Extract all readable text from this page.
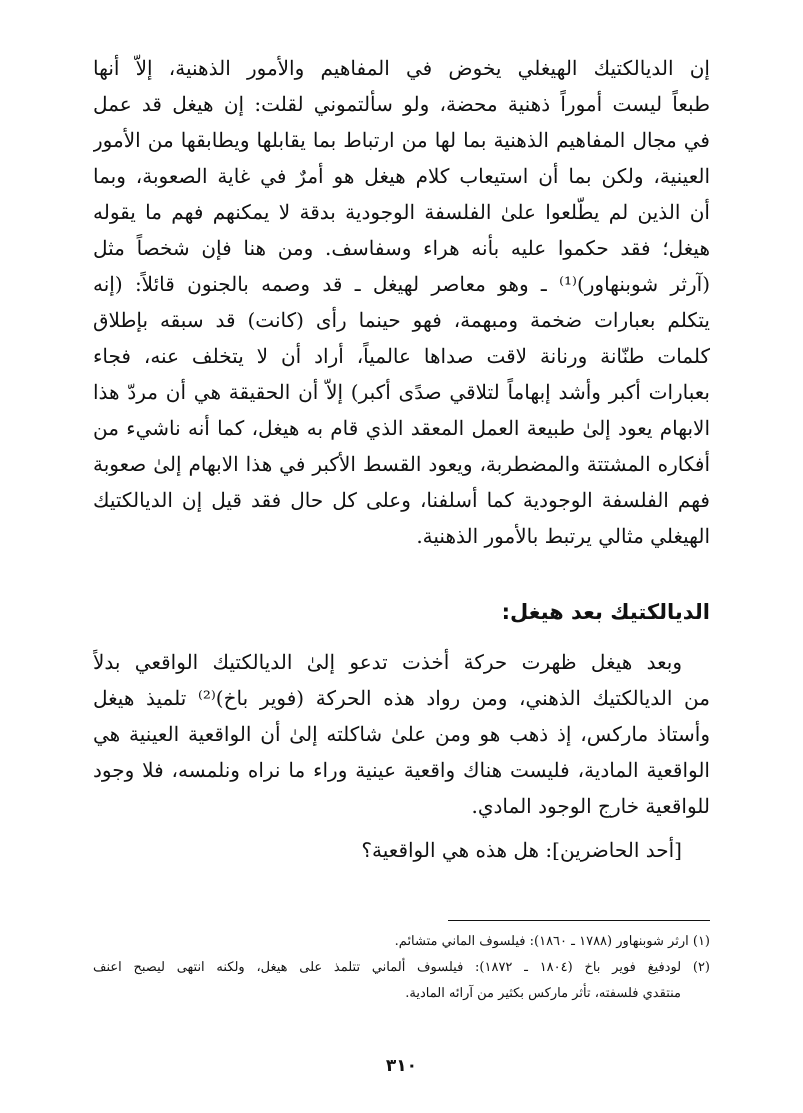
إن الديالكتيك الهيغلي يخوض في المفاهيم والأمور الذهنية، إلاّ أنها
طبعاً ليست أموراً ذهنية محضة، ولو سألتموني لقلت: إن هيغل قد عمل
في مجال المفاهيم الذهنية بما لها من ارتباط بما يقابلها ويطابقها من الأمور
العينية، ولكن بما أن استيعاب كلام هيغل هو أمرٌ في غاية الصعوبة، وبما
أن الذين لم يطّلعوا علىٰ الفلسفة الوجودية بدقة لا يمكنهم فهم ما يقوله
هيغل؛ فقد حكموا عليه بأنه هراء وسفاسف. ومن هنا فإن شخصاً مثل
(آرثر شوبنهاور)⁽¹⁾ ـ وهو معاصر لهيغل ـ قد وصمه بالجنون قائلاً: (إنه
يتكلم بعبارات ضخمة ومبهمة، فهو حينما رأى (كانت) قد سبقه بإطلاق
كلمات طنّانة ورنانة لاقت صداها عالمياً، أراد أن لا يتخلف عنه، فجاء
بعبارات أكبر وأشد إبهاماً لتلاقي صدًى أكبر) إلاّ أن الحقيقة هي أن مردّ هذا
الابهام يعود إلىٰ طبيعة العمل المعقد الذي قام به هيغل، كما أنه ناشيء من
أفكاره المشتتة والمضطربة، ويعود القسط الأكبر في هذا الابهام إلىٰ صعوبة
فهم الفلسفة الوجودية كما أسلفنا، وعلى كل حال فقد قيل إن الديالكتيك
الهيغلي مثالي يرتبط بالأمور الذهنية.
الديالكتيك بعد هيغل:
وبعد هيغل ظهرت حركة أخذت تدعو إلىٰ الديالكتيك الواقعي بدلاً
من الديالكتيك الذهني، ومن رواد هذه الحركة (فوير باخ)⁽²⁾ تلميذ هيغل
وأستاذ ماركس، إذ ذهب هو ومن علىٰ شاكلته إلىٰ أن الواقعية العينية هي
الواقعية المادية، فليست هناك واقعية عينية وراء ما نراه ونلمسه، فلا وجود
للواقعية خارج الوجود المادي.
[أحد الحاضرين]: هل هذه هي الواقعية؟
(١) ارثر شوبنهاور (١٧٨٨ ـ ١٨٦٠): فيلسوف الماني متشائم.
(٢) لودفيغ فوير باخ (١٨٠٤ ـ ١٨٧٢): فيلسوف ألماني تتلمذ على هيغل، ولكنه انتهى ليصبح اعنف
منتقدي فلسفته، تأثر ماركس بكثير من آرائه المادية.
٣١٠
